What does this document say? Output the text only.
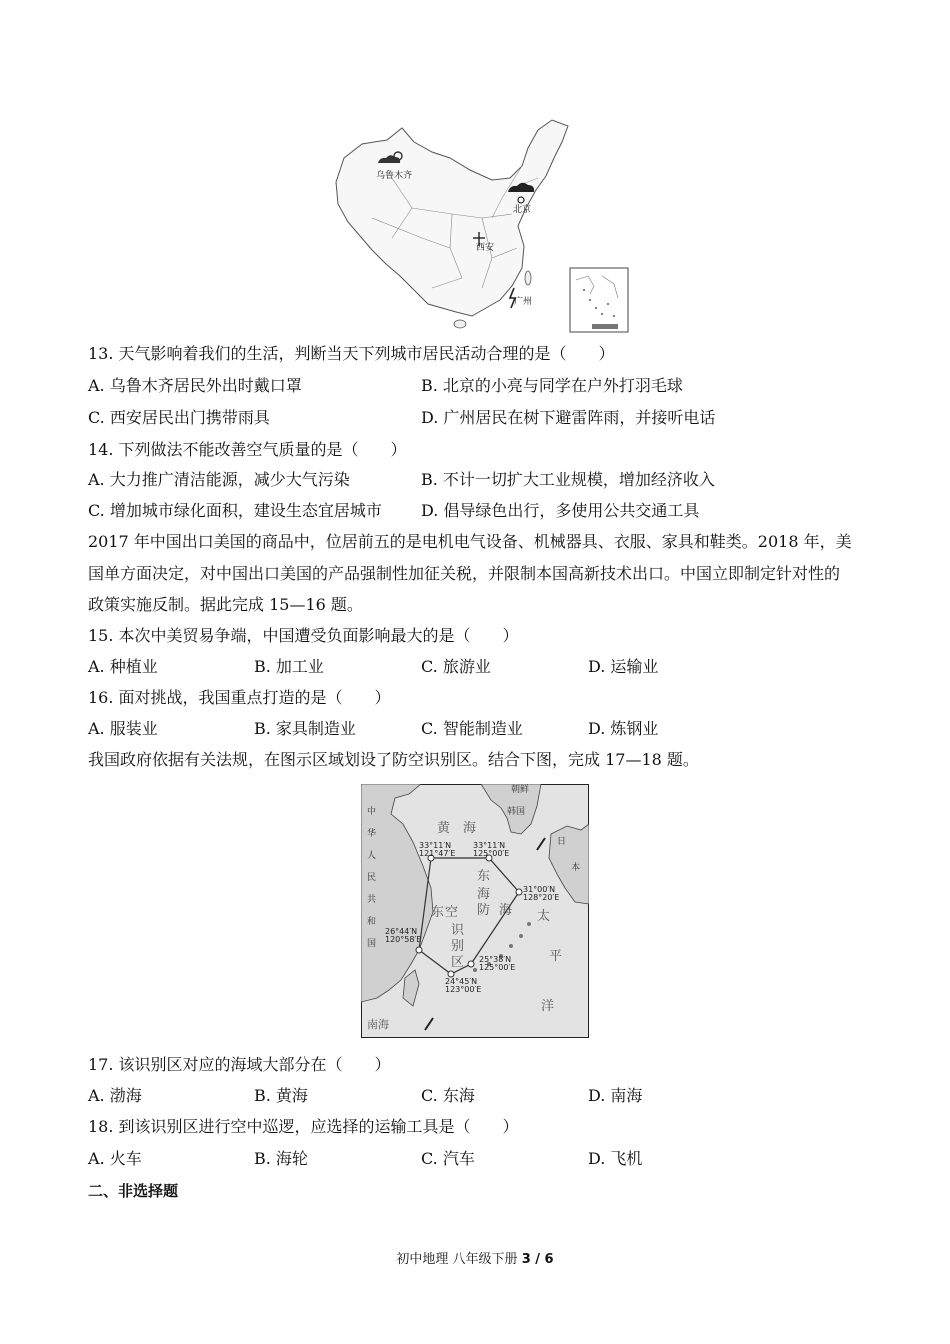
乌鲁木齐
北京
西安
广州
13. 天气影响着我们的生活，判断当天下列城市居民活动合理的是（　　）
A. 乌鲁木齐居民外出时戴口罩	B. 北京的小亮与同学在户外打羽毛球
C. 西安居民出门携带雨具	D. 广州居民在树下避雷阵雨，并接听电话
14. 下列做法不能改善空气质量的是（　　）
A. 大力推广清洁能源，减少大气污染	B. 不计一切扩大工业规模，增加经济收入
C. 增加城市绿化面积，建设生态宜居城市 D. 倡导绿色出行，多使用公共交通工具
2017 年中国出口美国的商品中，位居前五的是电机电气设备、机械器具、衣服、家具和鞋类。2018 年，美
国单方面决定，对中国出口美国的产品强制性加征关税，并限制本国高新技术出口。中国立即制定针对性的
政策实施反制。据此完成 15—16 题。
15. 本次中美贸易争端，中国遭受负面影响最大的是（　　）
A. 种植业	B. 加工业	C. 旅游业	D. 运输业
16. 面对挑战，我国重点打造的是（　　）
A. 服装业	B. 家具制造业	C. 智能制造业	D. 炼钢业
我国政府依据有关法规，在图示区域划设了防空识别区。结合下图，完成 17—18 题。
朝鲜
韩国
黄　海
中
华
人
民
共
和
国
东
海
防
空
识
别
区
东	海
日
本
太
平
洋
南海
33°11′N
121°47′E
33°11′N
125°00′E
31°00′N
128°20′E
25°38′N
125°00′E
24°45′N
123°00′E
26°44′N
120°58′E
17. 该识别区对应的海域大部分在（　　）
A. 渤海	B. 黄海	C. 东海	D. 南海
18. 到该识别区进行空中巡逻，应选择的运输工具是（　　）
A. 火车	B. 海轮	C. 汽车	D. 飞机
二、非选择题
初中地理 八年级下册 3 / 6
